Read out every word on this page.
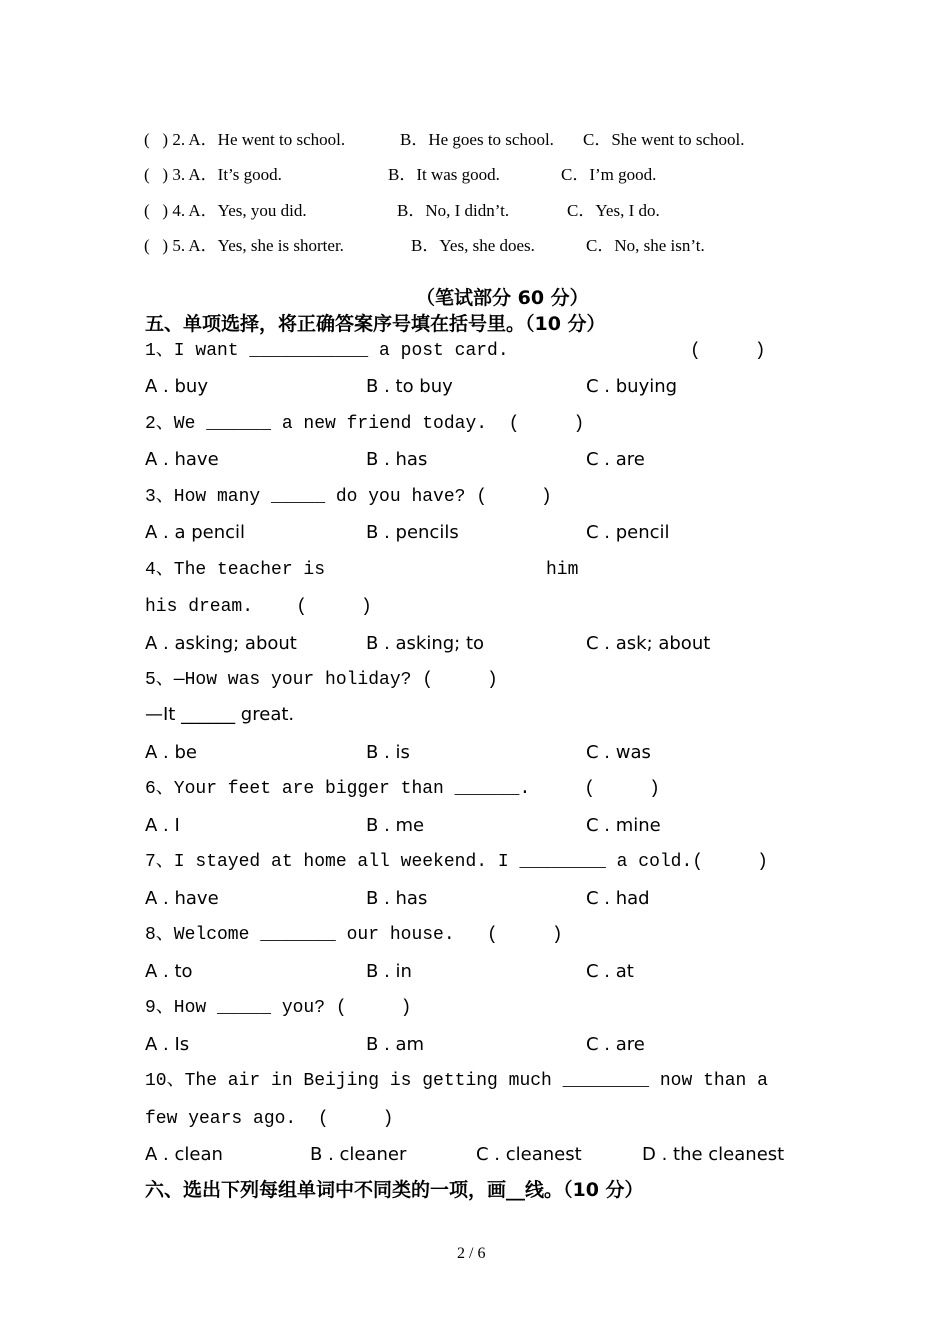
(   ) 2. A．He went to school.	B．He goes to school. C．She went to school.
(   ) 3. A．It’s good.	B．It was good.	C．I’m good.
(   ) 4. A．Yes, you did.	B．No, I didn’t.	C．Yes, I do.
(   ) 5. A．Yes, she is shorter.	B．Yes, she does.	C．No, she isn’t.
（笔试部分 60 分）
五、单项选择，将正确答案序号填在括号里。（10 分）
1、I want ___________ a post card.	(     )
A . buy	B . to buy	C . buying
2、We ______ a new friend today.  (     )
A . have	B . has	C . are
3、How many _____ do you have? (     )
A . a pencil	B . pencils	C . pencil
4、The teacher is	him
his dream.    (     )
A . asking; about	B . asking; to	C . ask; about
5、—How was your holiday? (     )
—It ______ great.
A . be	B . is	C . was
6、Your feet are bigger than ______.     (     )
A . I	B . me	C . mine
7、I stayed at home all weekend. I ________ a cold.(     )
A . have	B . has	C . had
8、Welcome _______ our house.   (     )
A . to	B . in	C . at
9、How _____ you? (     )
A . Is	B . am	C . are
10、The air in Beijing is getting much ________ now than a
few years ago.  (     )
A . clean	B . cleaner	C . cleanest	D . the cleanest
六、选出下列每组单词中不同类的一项，画__线。（10 分）
2 / 6
